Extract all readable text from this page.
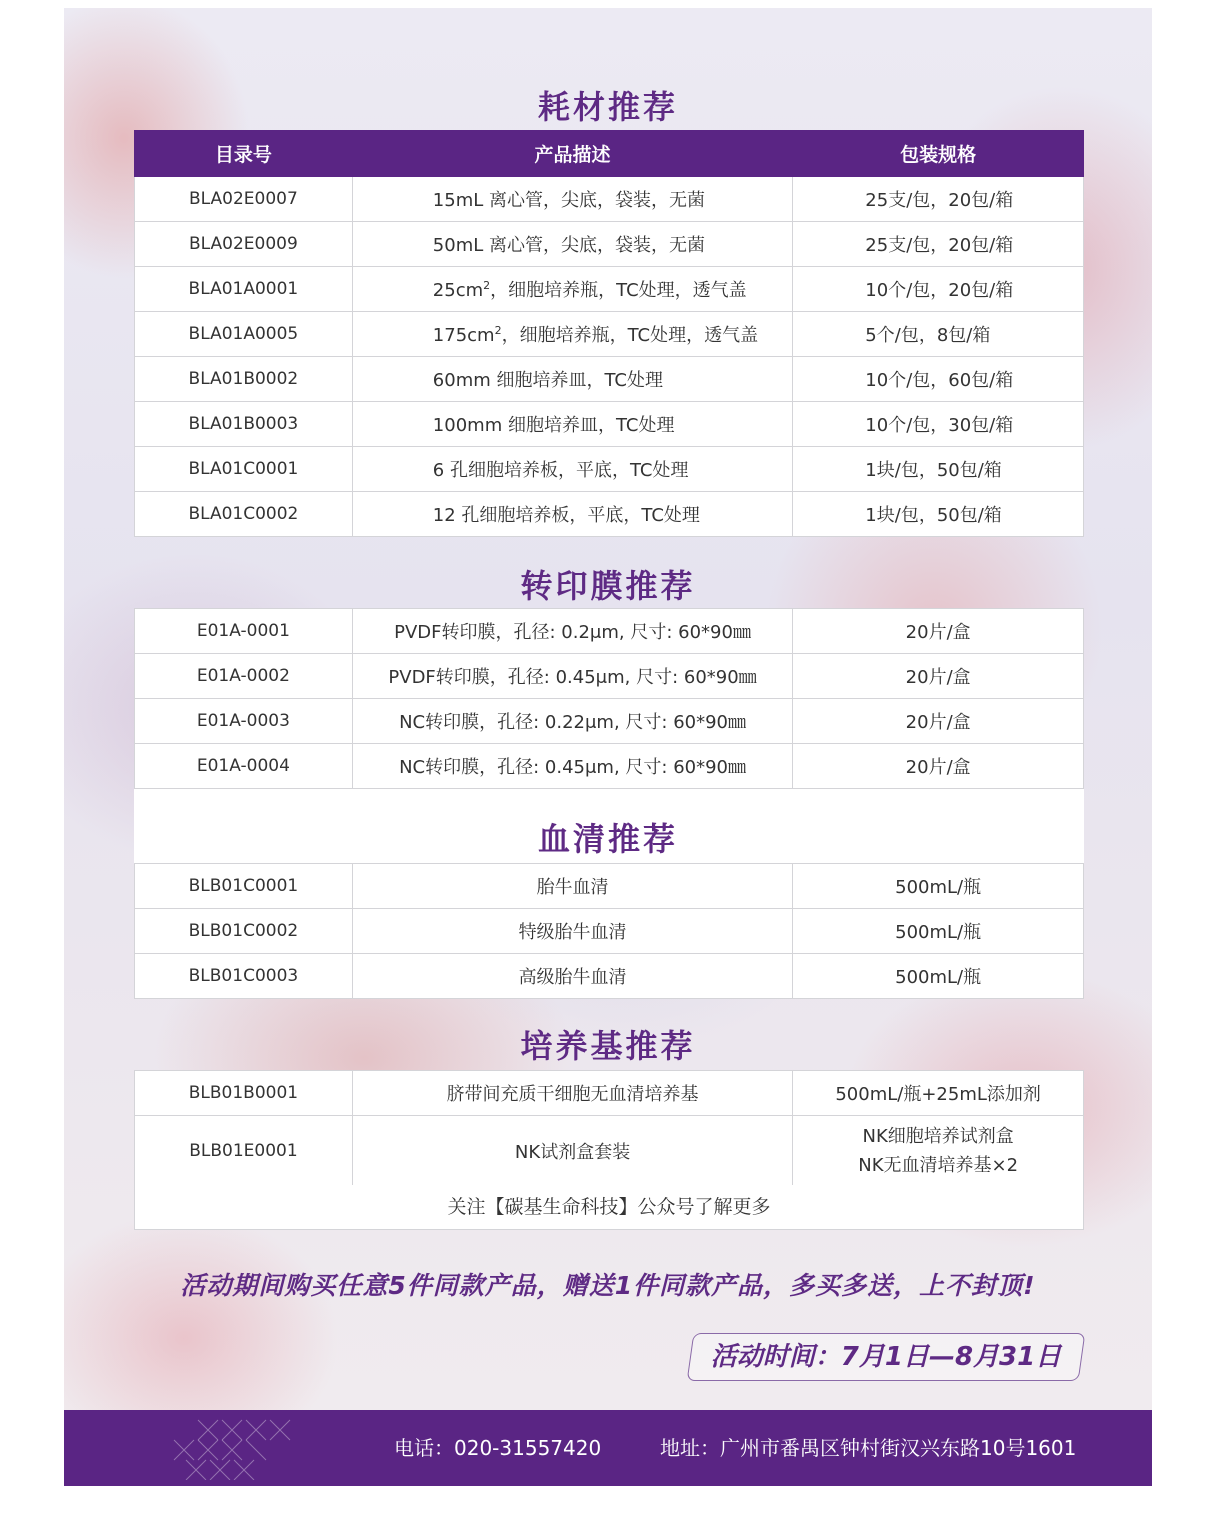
耗材推荐
目录号	产品描述	包装规格
BLA02E0007	15mL 离心管，尖底，袋装，无菌	25支/包，20包/箱
BLA02E0009	50mL 离心管，尖底，袋装，无菌	25支/包，20包/箱
BLA01A0001	$25cm^2$，细胞培养瓶，TC处理，透气盖	10个/包，20包/箱
BLA01A0005	$175cm^2$，细胞培养瓶，TC处理，透气盖	5个/包，8包/箱
BLA01B0002	60mm 细胞培养皿，TC处理	10个/包，60包/箱
BLA01B0003	100mm 细胞培养皿，TC处理	10个/包，30包/箱
BLA01C0001	6 孔细胞培养板，平底，TC处理	1块/包，50包/箱
BLA01C0002	12 孔细胞培养板，平底，TC处理	1块/包，50包/箱
转印膜推荐
E01A-0001	PVDF转印膜，孔径: 0.2μm, 尺寸: 60*90㎜	20片/盒
E01A-0002	PVDF转印膜，孔径: 0.45μm, 尺寸: 60*90㎜	20片/盒
E01A-0003	NC转印膜，孔径: 0.22μm, 尺寸: 60*90㎜	20片/盒
E01A-0004	NC转印膜，孔径: 0.45μm, 尺寸: 60*90㎜	20片/盒
血清推荐
BLB01C0001	胎牛血清	500mL/瓶
BLB01C0002	特级胎牛血清	500mL/瓶
BLB01C0003	高级胎牛血清	500mL/瓶
培养基推荐
BLB01B0001	脐带间充质干细胞无血清培养基	500mL/瓶+25mL添加剂
BLB01E0001	NK试剂盒套装	NK细胞培养试剂盒
NK无血清培养基×2
关注【碳基生命科技】公众号了解更多
活动期间购买任意5件同款产品，赠送1件同款产品，多买多送，上不封顶!
活动时间：7月1日—8月31日
电话：020-31557420	地址：广州市番禺区钟村街汉兴东路10号1601
